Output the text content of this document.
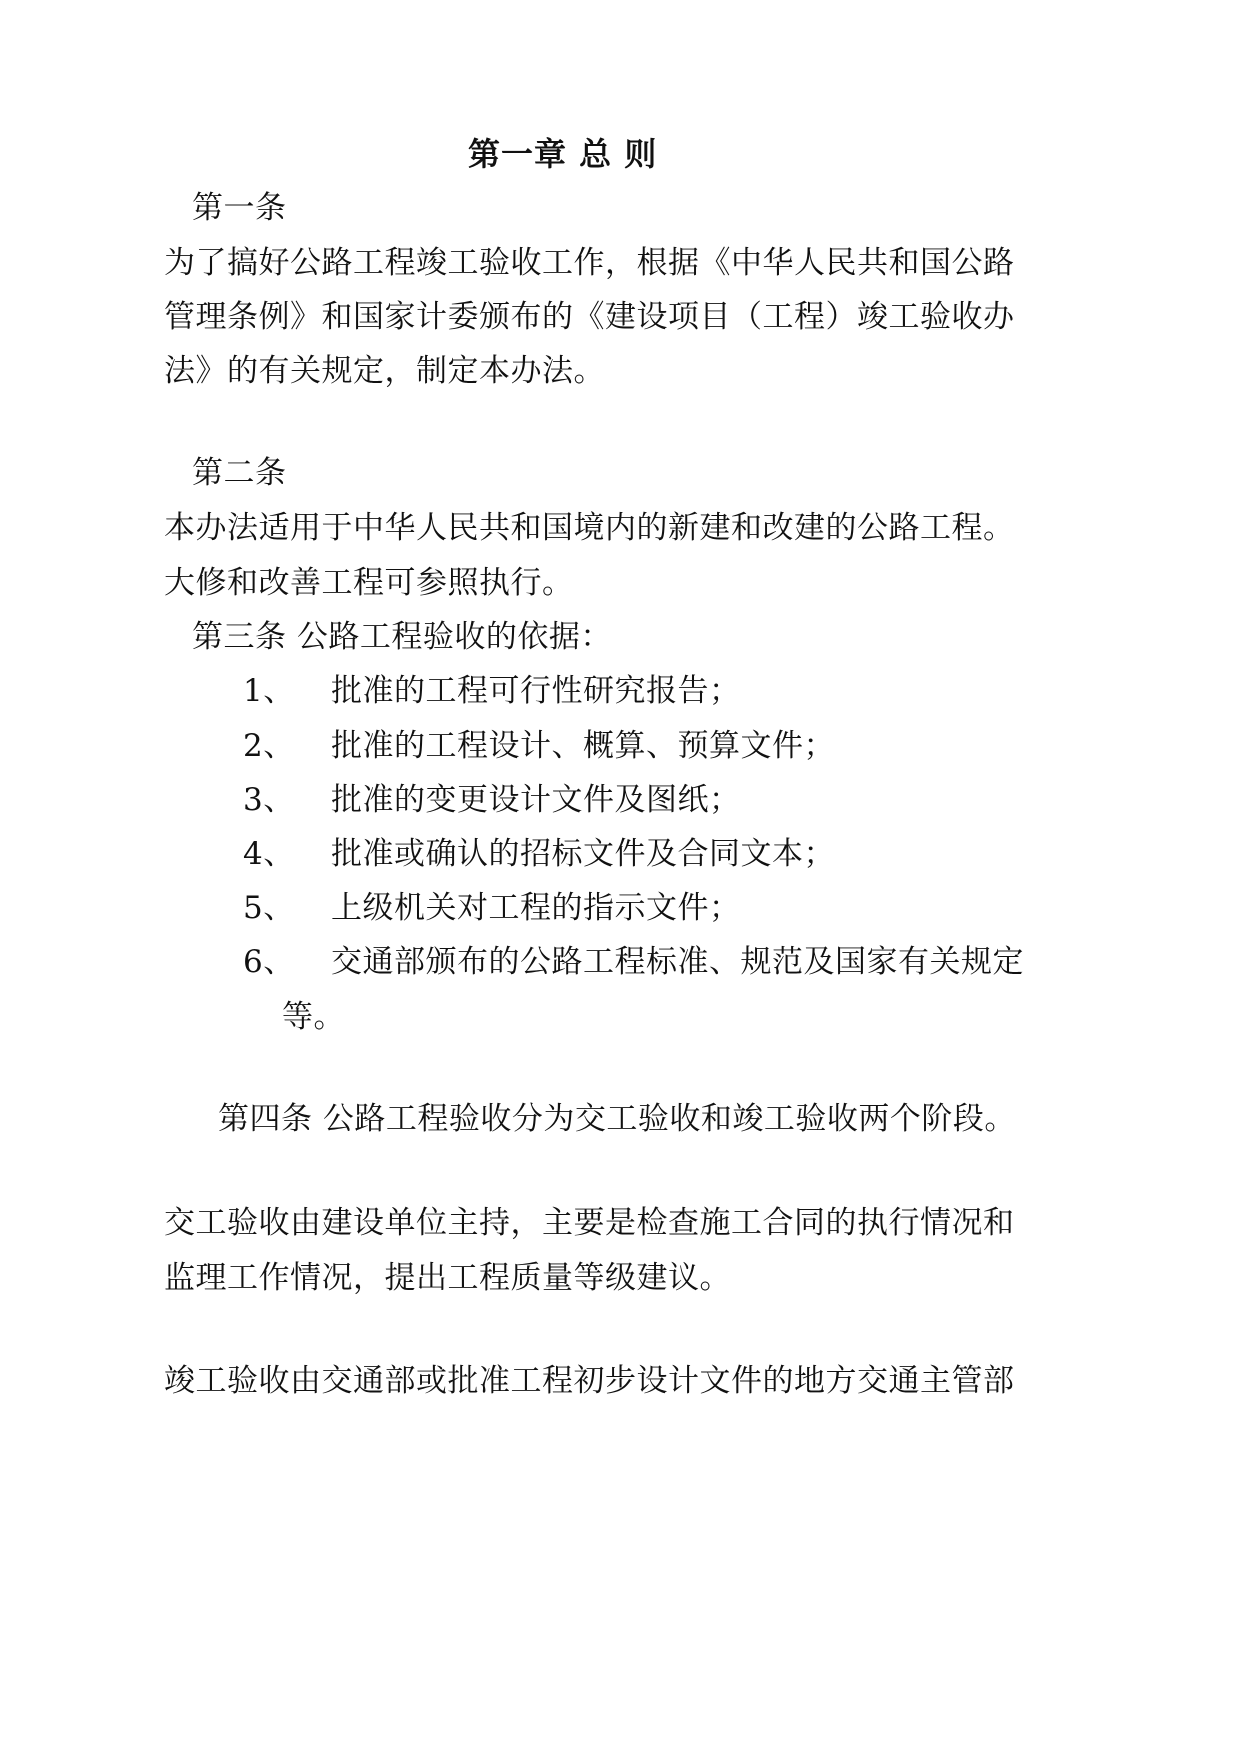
第一章 总 则
第一条
为了搞好公路工程竣工验收工作，根据《中华人民共和国公路
管理条例》和国家计委颁布的《建设项目（工程）竣工验收办
法》的有关规定，制定本办法。
第二条
本办法适用于中华人民共和国境内的新建和改建的公路工程。
大修和改善工程可参照执行。
第三条 公路工程验收的依据：
1、 批准的工程可行性研究报告；
2、 批准的工程设计、概算、预算文件；
3、 批准的变更设计文件及图纸；
4、 批准或确认的招标文件及合同文本；
5、 上级机关对工程的指示文件；
6、 交通部颁布的公路工程标准、规范及国家有关规定
等。
第四条 公路工程验收分为交工验收和竣工验收两个阶段。
交工验收由建设单位主持，主要是检查施工合同的执行情况和
监理工作情况，提出工程质量等级建议。
竣工验收由交通部或批准工程初步设计文件的地方交通主管部
